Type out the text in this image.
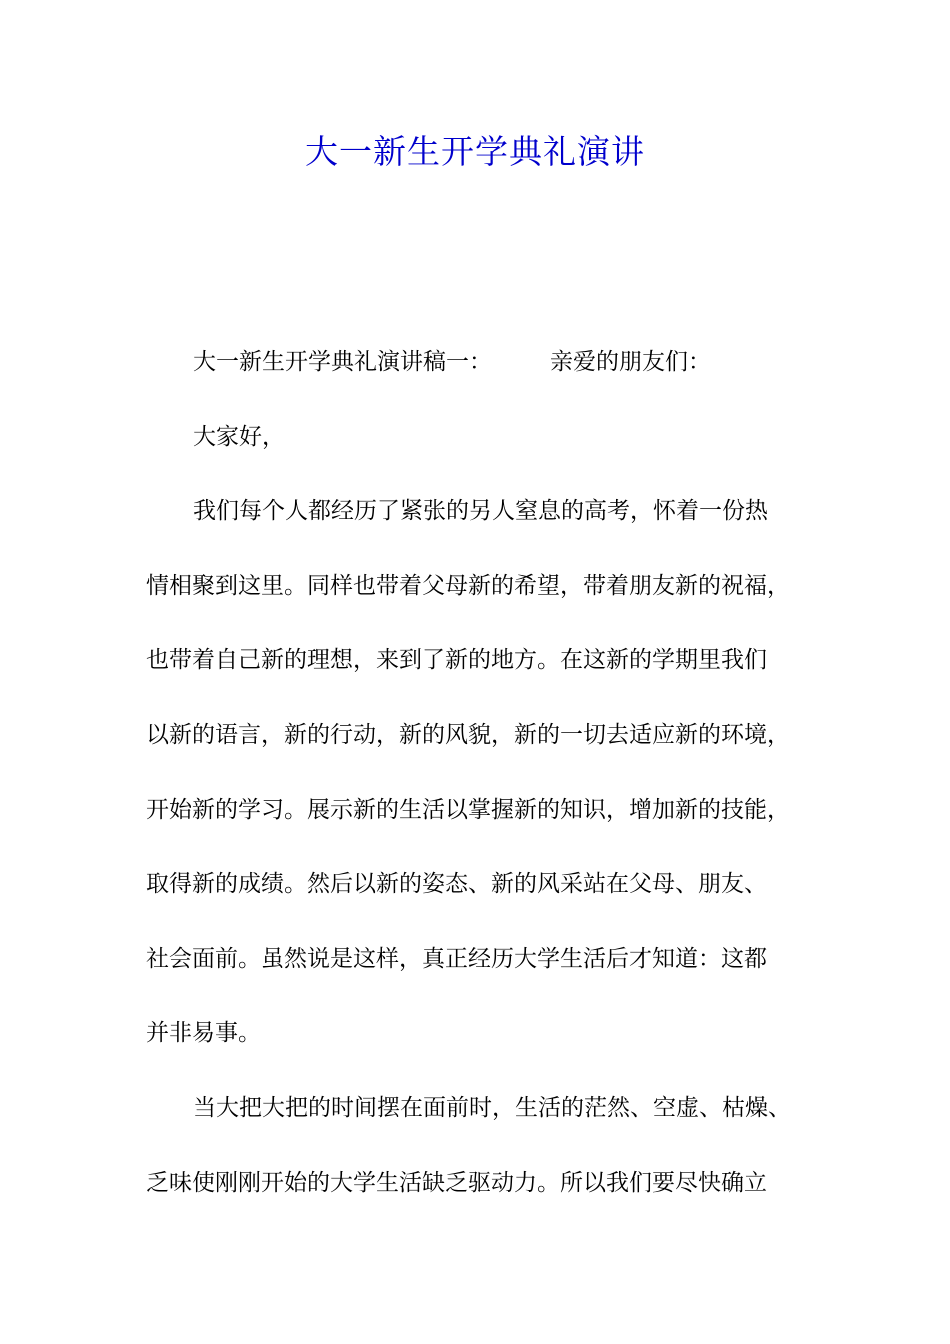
大一新生开学典礼演讲
大一新生开学典礼演讲稿一：	亲爱的朋友们：
大家好，
我们每个人都经历了紧张的另人窒息的高考，怀着一份热
情相聚到这里。同样也带着父母新的希望，带着朋友新的祝福，
也带着自己新的理想，来到了新的地方。在这新的学期里我们
以新的语言，新的行动，新的风貌，新的一切去适应新的环境，
开始新的学习。展示新的生活以掌握新的知识，增加新的技能，
取得新的成绩。然后以新的姿态、新的风采站在父母、朋友、
社会面前。虽然说是这样，真正经历大学生活后才知道：这都
并非易事。
当大把大把的时间摆在面前时，生活的茫然、空虚、枯燥、
乏味使刚刚开始的大学生活缺乏驱动力。所以我们要尽快确立
